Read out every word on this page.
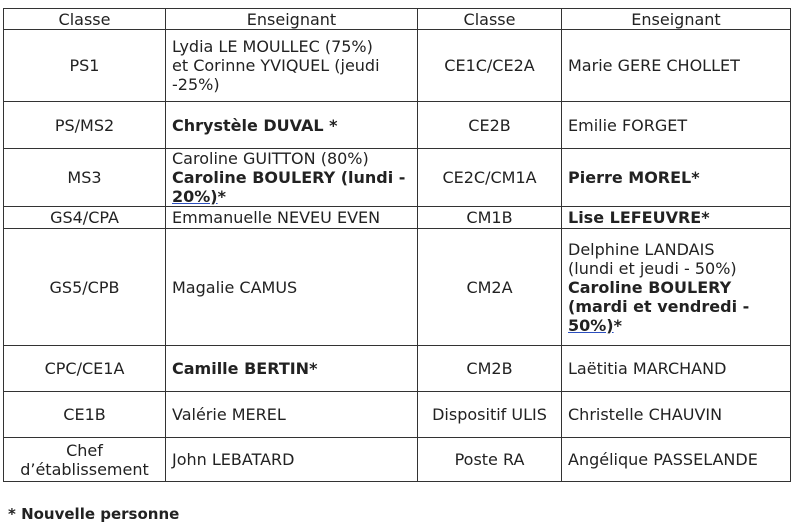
Classe	Enseignant	Classe	Enseignant
PS1	Lydia LE MOULLEC (75%)
et Corinne YVIQUEL (jeudi
-25%)	CE1C/CE2A	Marie GERE CHOLLET

PS/MS2	Chrystèle DUVAL *	CE2B	Emilie FORGET

MS3	Caroline GUITTON (80%)
Caroline BOULERY (lundi -
20%)*	CE2C/CM1A	Pierre MOREL*

GS4/CPA	Emmanuelle NEVEU EVEN	CM1B	Lise LEFEUVRE*

GS5/CPB	Magalie CAMUS	CM2A	Delphine LANDAIS
(lundi et jeudi - 50%)
Caroline BOULERY
(mardi et vendredi -
50%)*

CPC/CE1A	Camille BERTIN*	CM2B	Laëtitia MARCHAND

CE1B	Valérie MEREL	Dispositif ULIS	Christelle CHAUVIN

Chef d’établissement	John LEBATARD	Poste RA	Angélique PASSELANDE
* Nouvelle personne
